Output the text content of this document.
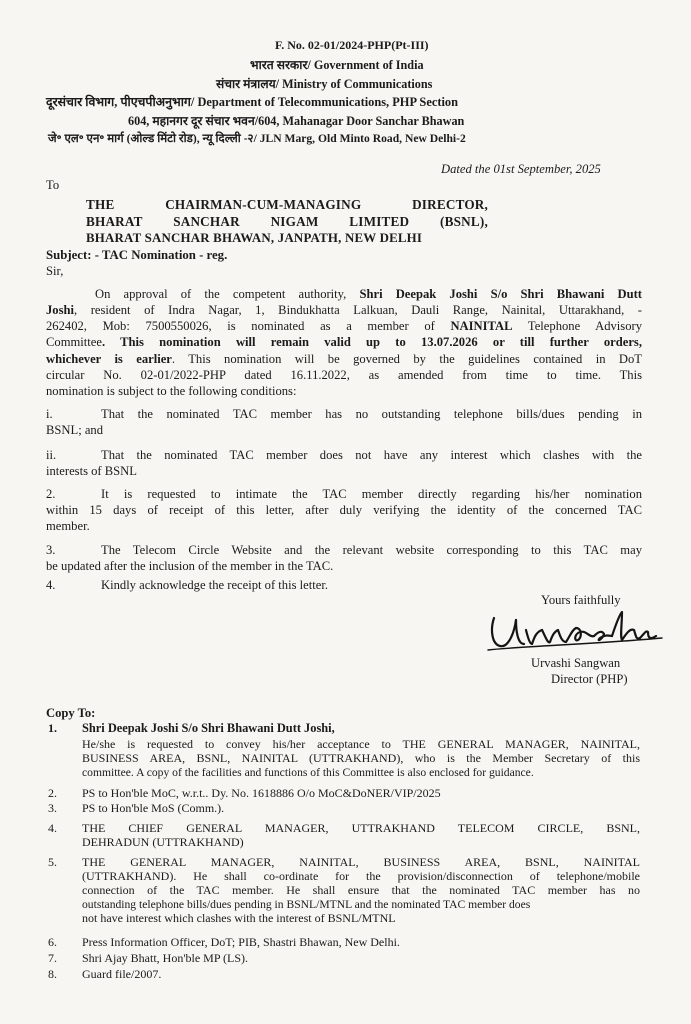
F. No. 02-01/2024-PHP(Pt-III)
भारत सरकार/ Government of India
संचार मंत्रालय/ Ministry of Communications
दूरसंचार विभाग, पीएचपीअनुभाग/ Department of Telecommunications, PHP Section
604, महानगर दूर संचार भवन/604, Mahanagar Door Sanchar Bhawan
जे॰ एल॰ एन॰ मार्ग (ओल्ड मिंटो रोड), न्यू दिल्ली -२/ JLN Marg, Old Minto Road, New Delhi-2
Dated the 01st September, 2025
To
THE CHAIRMAN-CUM-MANAGING DIRECTOR,
BHARAT SANCHAR NIGAM LIMITED (BSNL),
BHARAT SANCHAR BHAWAN, JANPATH, NEW DELHI
Subject: - TAC Nomination - reg.
Sir,
On approval of the competent authority, Shri Deepak Joshi S/o Shri Bhawani Dutt
Joshi, resident of Indra Nagar, 1, Bindukhatta Lalkuan, Dauli Range, Nainital, Uttarakhand, -
262402, Mob: 7500550026, is nominated as a member of NAINITAL Telephone Advisory
Committee. This nomination will remain valid up to 13.07.2026 or till further orders,
whichever is earlier. This nomination will be governed by the guidelines contained in DoT
circular No. 02-01/2022-PHP dated 16.11.2022, as amended from time to time. This
nomination is subject to the following conditions:
i.	That the nominated TAC member has no outstanding telephone bills/dues pending in
BSNL; and
ii.	That the nominated TAC member does not have any interest which clashes with the
interests of BSNL
2.	It is requested to intimate the TAC member directly regarding his/her nomination
within 15 days of receipt of this letter, after duly verifying the identity of the concerned TAC
member.
3.	The Telecom Circle Website and the relevant website corresponding to this TAC may
be updated after the inclusion of the member in the TAC.
4.	Kindly acknowledge the receipt of this letter.
Yours faithfully
Urvashi
Urvashi Sangwan
Director (PHP)
Copy To:
1. Shri Deepak Joshi S/o Shri Bhawani Dutt Joshi,
He/she is requested to convey his/her acceptance to THE GENERAL MANAGER, NAINITAL,
BUSINESS AREA, BSNL, NAINITAL (UTTRAKHAND), who is the Member Secretary of this
committee. A copy of the facilities and functions of this Committee is also enclosed for guidance.
2. PS to Hon'ble MoC, w.r.t.. Dy. No. 1618886 O/o MoC&DoNER/VIP/2025
3. PS to Hon'ble MoS (Comm.).
4. THE CHIEF GENERAL MANAGER, UTTRAKHAND TELECOM CIRCLE, BSNL,
DEHRADUN (UTTRAKHAND)
5. THE GENERAL MANAGER, NAINITAL, BUSINESS AREA, BSNL, NAINITAL
(UTTRAKHAND). He shall co-ordinate for the provision/disconnection of telephone/mobile
connection of the TAC member. He shall ensure that the nominated TAC member has no
outstanding telephone bills/dues pending in BSNL/MTNL and the nominated TAC member does
not have interest which clashes with the interest of BSNL/MTNL
6. Press Information Officer, DoT; PIB, Shastri Bhawan, New Delhi.
7. Shri Ajay Bhatt, Hon'ble MP (LS).
8. Guard file/2007.
